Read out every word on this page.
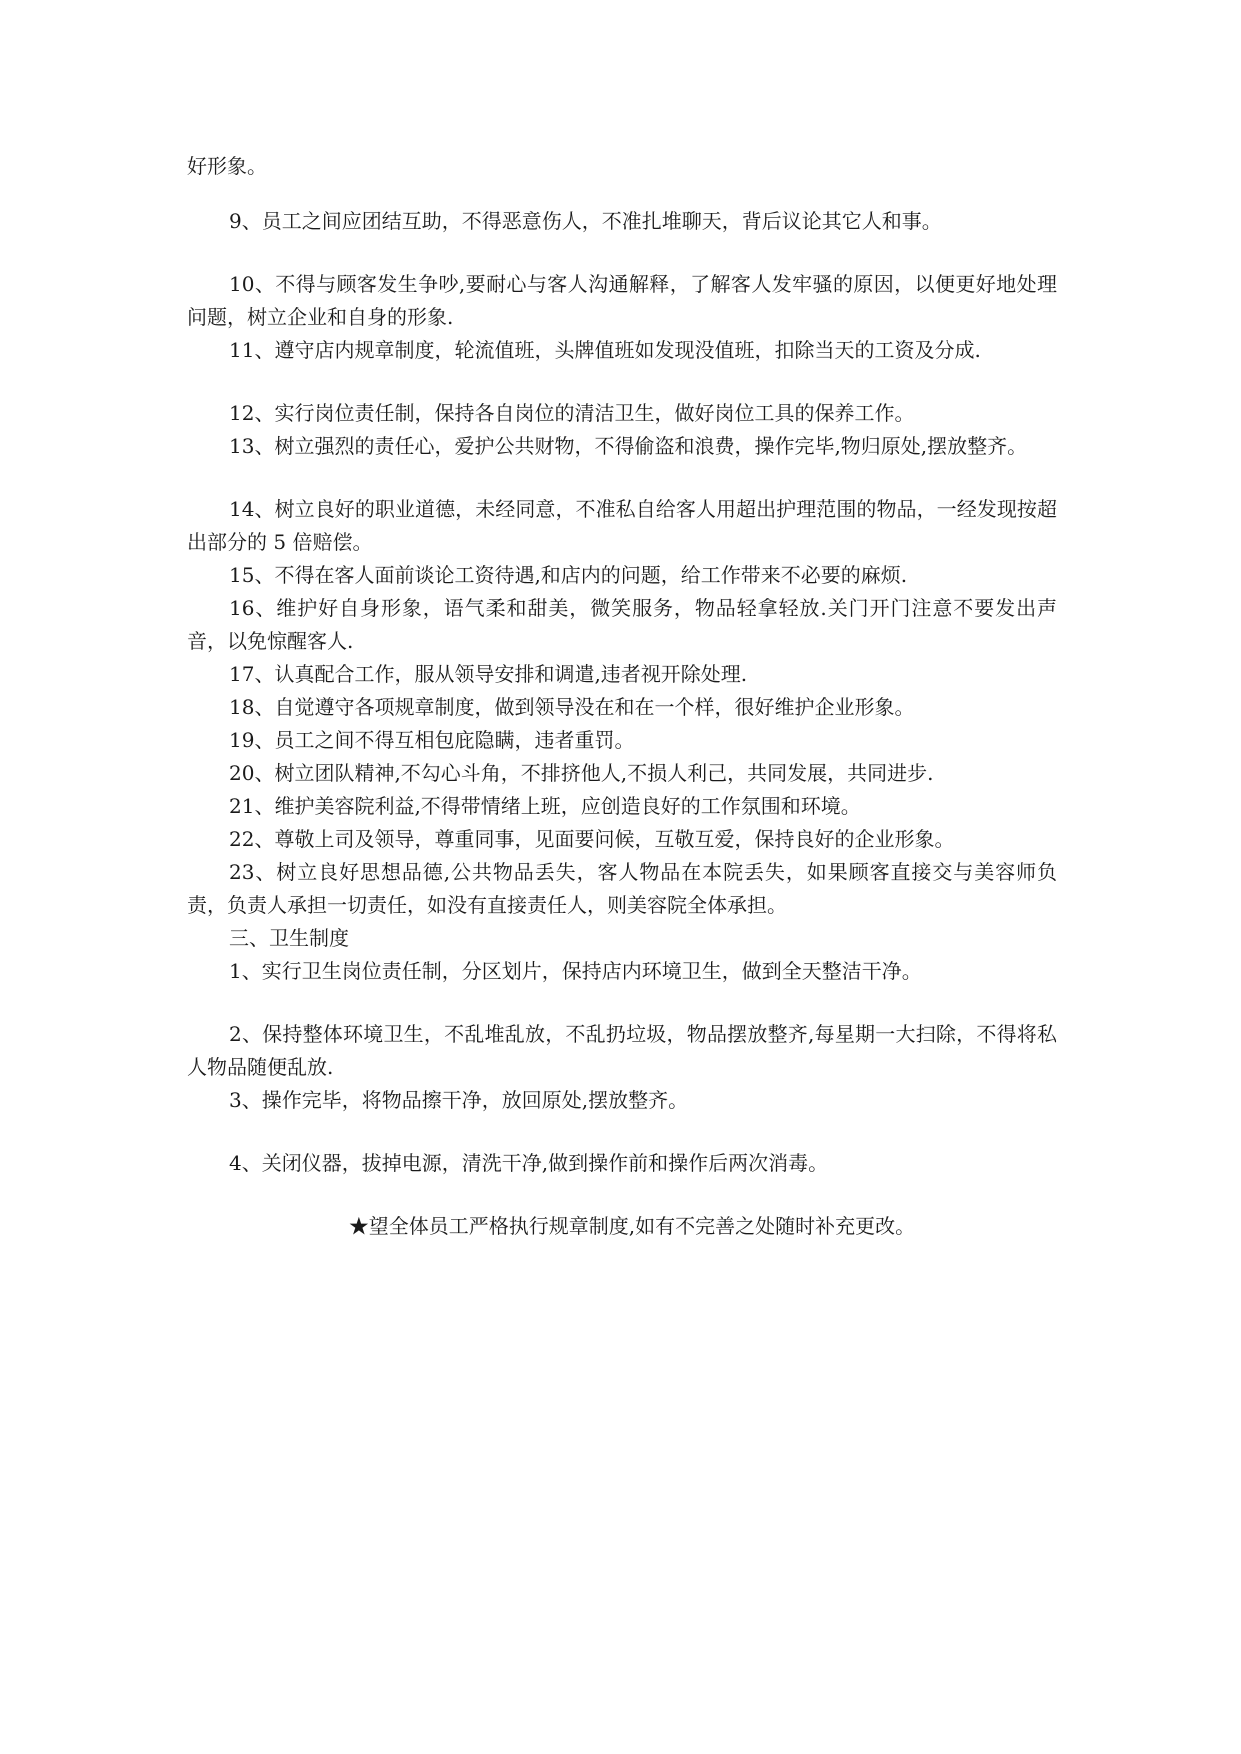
好形象。

9、员工之间应团结互助，不得恶意伤人，不准扎堆聊天，背后议论其它人和事。

10、不得与顾客发生争吵,要耐心与客人沟通解释，了解客人发牢骚的原因，以便更好地处理问题，树立企业和自身的形象.

11、遵守店内规章制度，轮流值班，头牌值班如发现没值班，扣除当天的工资及分成.

12、实行岗位责任制，保持各自岗位的清洁卫生，做好岗位工具的保养工作。

13、树立强烈的责任心，爱护公共财物，不得偷盗和浪费，操作完毕,物归原处,摆放整齐。

14、树立良好的职业道德，未经同意，不准私自给客人用超出护理范围的物品，一经发现按超出部分的 5 倍赔偿。

15、不得在客人面前谈论工资待遇,和店内的问题，给工作带来不必要的麻烦.

16、维护好自身形象，语气柔和甜美，微笑服务，物品轻拿轻放.关门开门注意不要发出声音，以免惊醒客人.

17、认真配合工作，服从领导安排和调遣,违者视开除处理.

18、自觉遵守各项规章制度，做到领导没在和在一个样，很好维护企业形象。

19、员工之间不得互相包庇隐瞒，违者重罚。

20、树立团队精神,不勾心斗角，不排挤他人,不损人利己，共同发展，共同进步.

21、维护美容院利益,不得带情绪上班，应创造良好的工作氛围和环境。

22、尊敬上司及领导，尊重同事，见面要问候，互敬互爱，保持良好的企业形象。

23、树立良好思想品德,公共物品丢失，客人物品在本院丢失，如果顾客直接交与美容师负责，负责人承担一切责任，如没有直接责任人，则美容院全体承担。

三、卫生制度

1、实行卫生岗位责任制，分区划片，保持店内环境卫生，做到全天整洁干净。

2、保持整体环境卫生，不乱堆乱放，不乱扔垃圾，物品摆放整齐,每星期一大扫除，不得将私人物品随便乱放.

3、操作完毕，将物品擦干净，放回原处,摆放整齐。

4、关闭仪器，拔掉电源，清洗干净,做到操作前和操作后两次消毒。

★望全体员工严格执行规章制度,如有不完善之处随时补充更改。
